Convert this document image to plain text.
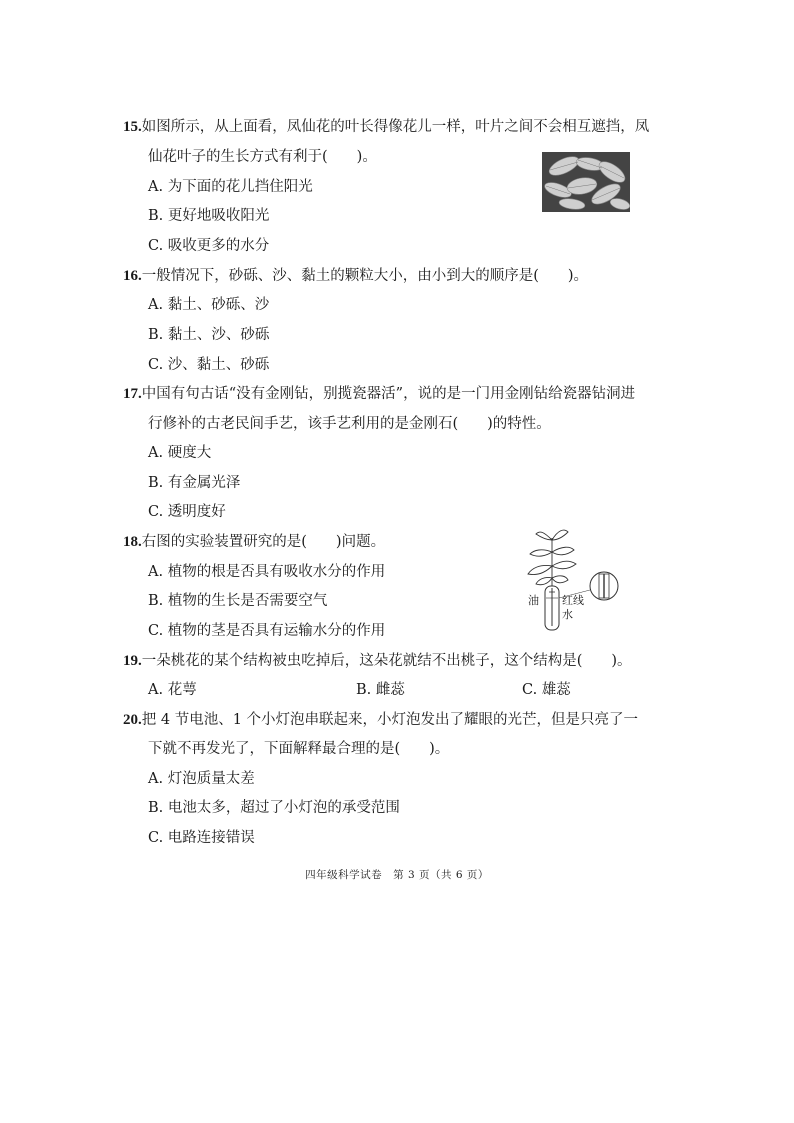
15.如图所示，从上面看，凤仙花的叶长得像花儿一样，叶片之间不会相互遮挡，凤
仙花叶子的生长方式有利于(　　)。
A. 为下面的花儿挡住阳光
B. 更好地吸收阳光
C. 吸收更多的水分
16.一般情况下，砂砾、沙、黏土的颗粒大小，由小到大的顺序是(　　)。
A. 黏土、砂砾、沙
B. 黏土、沙、砂砾
C. 沙、黏土、砂砾
17.中国有句古话“没有金刚钻，别揽瓷器活”，说的是一门用金刚钻给瓷器钻洞进
行修补的古老民间手艺，该手艺利用的是金刚石(　　)的特性。
A. 硬度大
B. 有金属光泽
C. 透明度好
18.右图的实验装置研究的是(　　)问题。
A. 植物的根是否具有吸收水分的作用
B. 植物的生长是否需要空气
C. 植物的茎是否具有运输水分的作用
油 红线
水
19.一朵桃花的某个结构被虫吃掉后，这朵花就结不出桃子，这个结构是(　　)。
A. 花萼	B. 雌蕊	C. 雄蕊
20.把 4 节电池、1 个小灯泡串联起来，小灯泡发出了耀眼的光芒，但是只亮了一
下就不再发光了，下面解释最合理的是(　　)。
A. 灯泡质量太差
B. 电池太多，超过了小灯泡的承受范围
C. 电路连接错误
四年级科学试卷　第 3 页（共 6 页）
